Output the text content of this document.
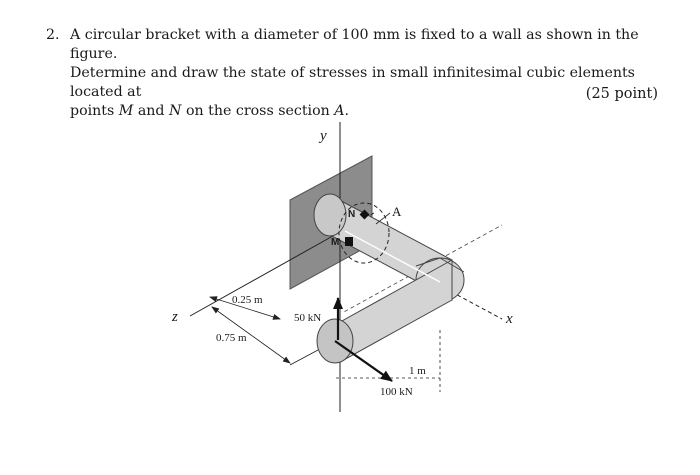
2. A circular bracket with a diameter of 100 mm is fixed to a wall as shown in the figure.
Determine and draw the state of stresses in small infinitesimal cubic elements located at
points M and N on the cross section A.
(25 point)
N
M
A
y
z	x
0.25 m
0.75 m
1 m
50 kN
100 kN
